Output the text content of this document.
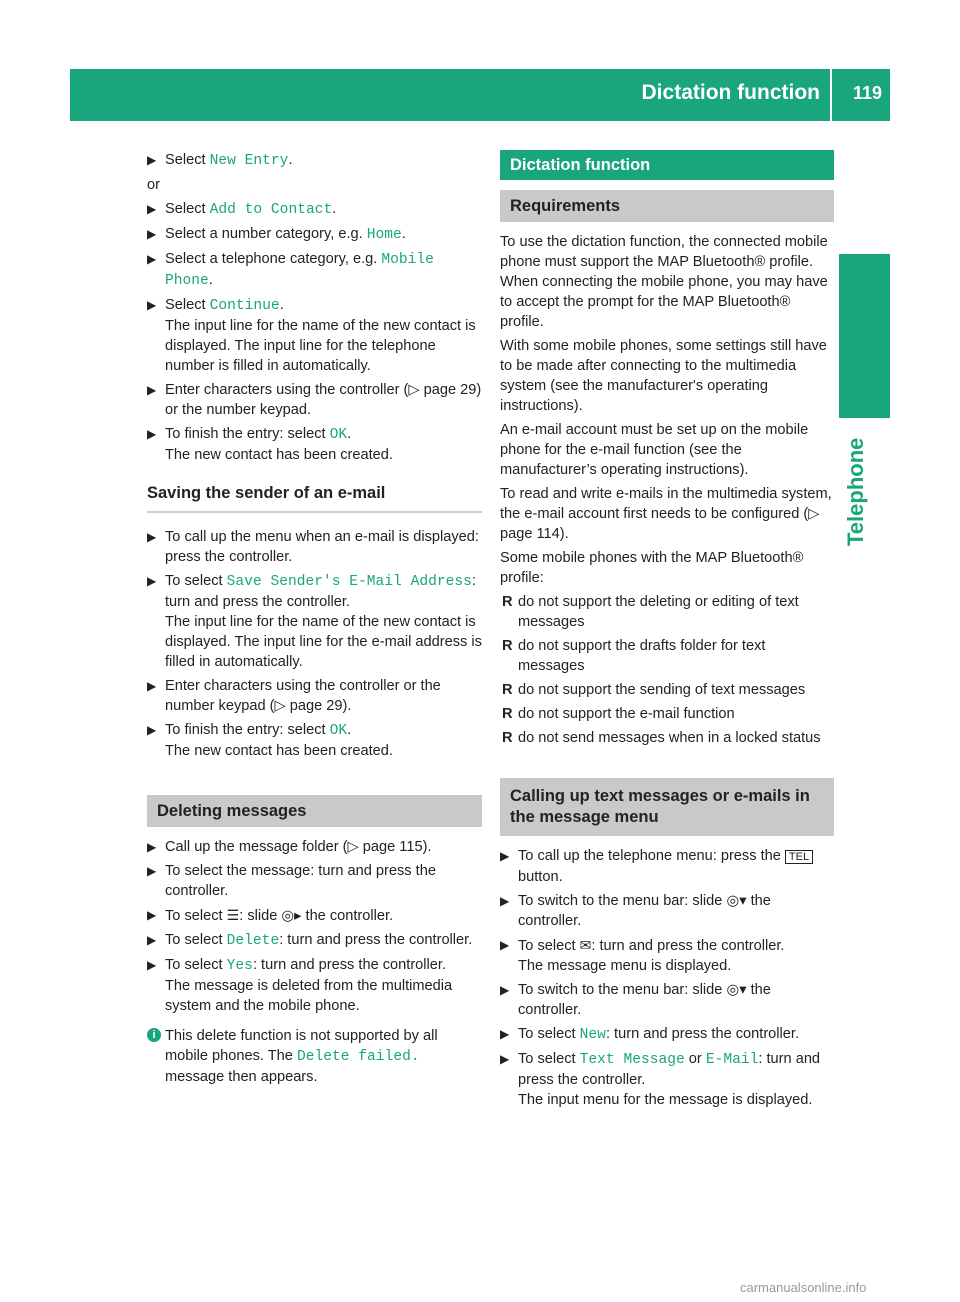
Dictation function 119
Telephone

▶ Select New Entry.

or

▶ Select Add to Contact.

▶ Select a number category, e.g. Home.

▶ Select a telephone category, e.g. Mobile Phone.

▶ Select Continue.
The input line for the name of the new contact is displayed. The input line for the telephone number is filled in automatically.

▶ Enter characters using the controller (▷ page 29) or the number keypad.

▶ To finish the entry: select OK.
The new contact has been created.

Saving the sender of an e-mail

▶ To call up the menu when an e-mail is displayed: press the controller.

▶ To select Save Sender's E-Mail Address: turn and press the controller.
The input line for the name of the new contact is displayed. The input line for the e-mail address is filled in automatically.

▶ Enter characters using the controller or the number keypad (▷ page 29).

▶ To finish the entry: select OK.
The new contact has been created.

Deleting messages

▶ Call up the message folder (▷ page 115).

▶ To select the message: turn and press the controller.

▶ To select ☰: slide ◎▸ the controller.

▶ To select Delete: turn and press the controller.

▶ To select Yes: turn and press the controller.
The message is deleted from the multimedia system and the mobile phone.

i This delete function is not supported by all mobile phones. The Delete failed. message then appears.

Dictation function
Requirements

To use the dictation function, the connected mobile phone must support the MAP Bluetooth® profile. When connecting the mobile phone, you may have to accept the prompt for the MAP Bluetooth® profile.

With some mobile phones, some settings still have to be made after connecting to the multimedia system (see the manufacturer's operating instructions).

An e-mail account must be set up on the mobile phone for the e-mail function (see the manufacturer’s operating instructions).

To read and write e-mails in the multimedia system, the e-mail account first needs to be configured (▷ page 114).

Some mobile phones with the MAP Bluetooth® profile:

R do not support the deleting or editing of text messages

R do not support the drafts folder for text messages

R do not support the sending of text messages

R do not support the e-mail function

R do not send messages when in a locked status

Calling up text messages or e-mails in the message menu

▶ To call up the telephone menu: press the TEL button.

▶ To switch to the menu bar: slide ◎▾ the controller.

▶ To select ✉: turn and press the controller.
The message menu is displayed.

▶ To switch to the menu bar: slide ◎▾ the controller.

▶ To select New: turn and press the controller.

▶ To select Text Message or E-Mail: turn and press the controller.
The input menu for the message is displayed.

carmanualsonline.info
